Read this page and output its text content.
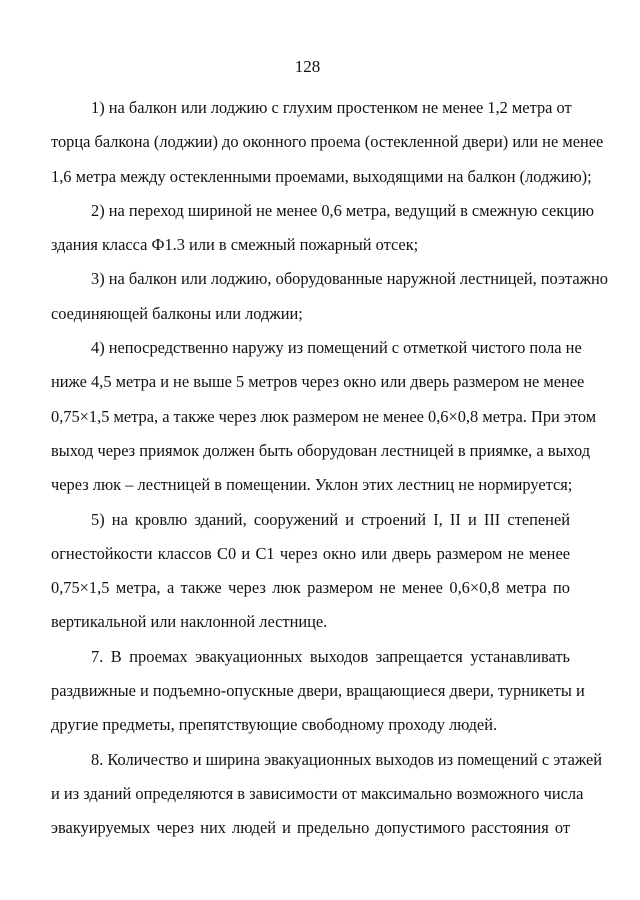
128
1) на балкон или лоджию с глухим простенком не менее 1,2 метра от
торца балкона (лоджии) до оконного проема (остекленной двери) или не менее
1,6 метра между остекленными проемами, выходящими на балкон (лоджию);
2) на переход шириной не менее 0,6 метра, ведущий в смежную секцию
здания класса Ф1.3 или в смежный пожарный отсек;
3) на балкон или лоджию, оборудованные наружной лестницей, поэтажно
соединяющей балконы или лоджии;
4) непосредственно наружу из помещений с отметкой чистого пола не
ниже 4,5 метра и не выше 5 метров через окно или дверь размером не менее
0,75×1,5 метра, а также через люк размером не менее 0,6×0,8 метра. При этом
выход через приямок должен быть оборудован лестницей в приямке, а выход
через люк – лестницей в помещении. Уклон этих лестниц не нормируется;
5) на кровлю зданий, сооружений и строений I, II и III степеней
огнестойкости классов С0 и С1 через окно или дверь размером не менее
0,75×1,5 метра, а также через люк размером не менее 0,6×0,8 метра по
вертикальной или наклонной лестнице.
7. В проемах эвакуационных выходов запрещается устанавливать
раздвижные и подъемно-опускные двери, вращающиеся двери, турникеты и
другие предметы, препятствующие свободному проходу людей.
8. Количество и ширина эвакуационных выходов из помещений с этажей
и из зданий определяются в зависимости от максимально возможного числа
эвакуируемых через них людей и предельно допустимого расстояния от
